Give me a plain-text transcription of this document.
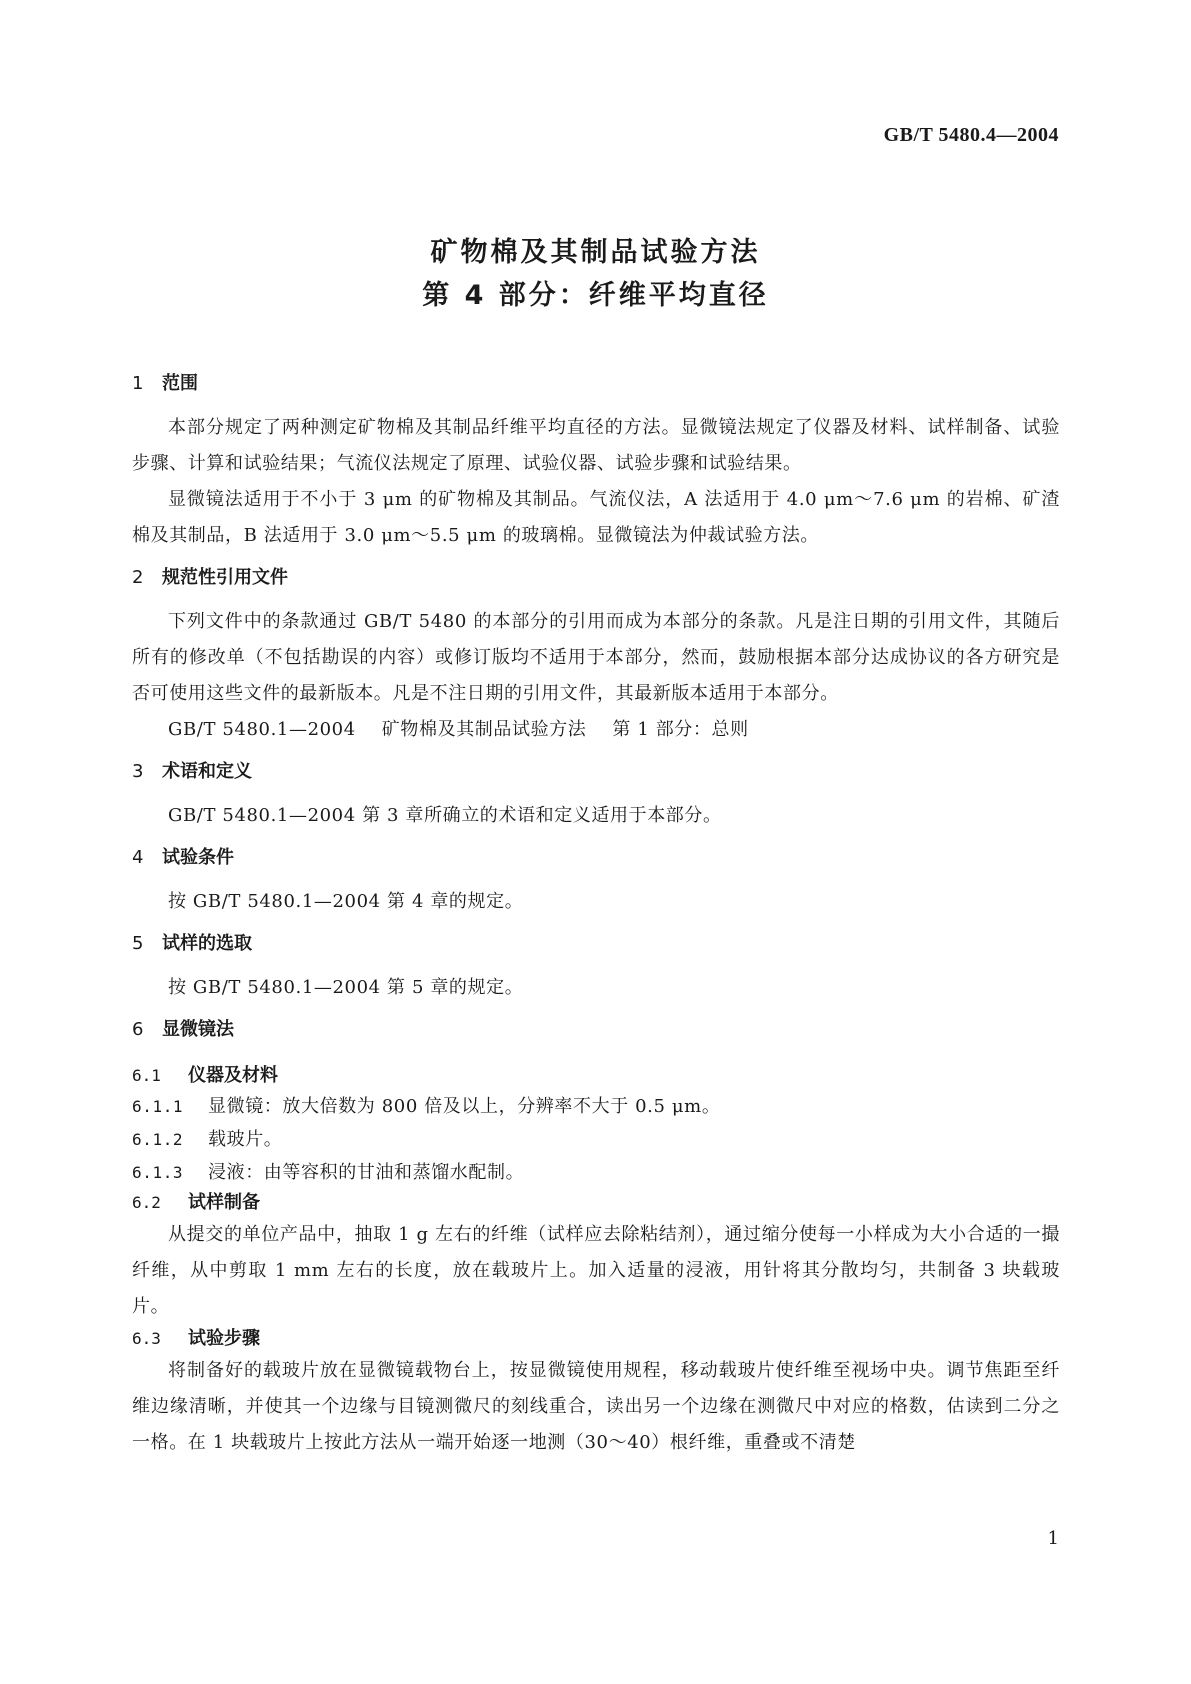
GB/T 5480.4—2004
矿物棉及其制品试验方法
第 4 部分：纤维平均直径
1 范围

本部分规定了两种测定矿物棉及其制品纤维平均直径的方法。显微镜法规定了仪器及材料、试样制备、试验步骤、计算和试验结果；气流仪法规定了原理、试验仪器、试验步骤和试验结果。

显微镜法适用于不小于 3 μm 的矿物棉及其制品。气流仪法，A 法适用于 4.0 μm～7.6 μm 的岩棉、矿渣棉及其制品，B 法适用于 3.0 μm～5.5 μm 的玻璃棉。显微镜法为仲裁试验方法。

2 规范性引用文件

下列文件中的条款通过 GB/T 5480 的本部分的引用而成为本部分的条款。凡是注日期的引用文件，其随后所有的修改单（不包括勘误的内容）或修订版均不适用于本部分，然而，鼓励根据本部分达成协议的各方研究是否可使用这些文件的最新版本。凡是不注日期的引用文件，其最新版本适用于本部分。

GB/T 5480.1—2004 矿物棉及其制品试验方法 第 1 部分：总则
3 术语和定义

GB/T 5480.1—2004 第 3 章所确立的术语和定义适用于本部分。

4 试验条件

按 GB/T 5480.1—2004 第 4 章的规定。

5 试样的选取

按 GB/T 5480.1—2004 第 5 章的规定。

6 显微镜法
6.1 仪器及材料
6.1.1 显微镜：放大倍数为 800 倍及以上，分辨率不大于 0.5 μm。
6.1.2 载玻片。
6.1.3 浸液：由等容积的甘油和蒸馏水配制。
6.2 试样制备

从提交的单位产品中，抽取 1 g 左右的纤维（试样应去除粘结剂），通过缩分使每一小样成为大小合适的一撮纤维，从中剪取 1 mm 左右的长度，放在载玻片上。加入适量的浸液，用针将其分散均匀，共制备 3 块载玻片。

6.3 试验步骤

将制备好的载玻片放在显微镜载物台上，按显微镜使用规程，移动载玻片使纤维至视场中央。调节焦距至纤维边缘清晰，并使其一个边缘与目镜测微尺的刻线重合，读出另一个边缘在测微尺中对应的格数，估读到二分之一格。在 1 块载玻片上按此方法从一端开始逐一地测（30～40）根纤维，重叠或不清楚

1
